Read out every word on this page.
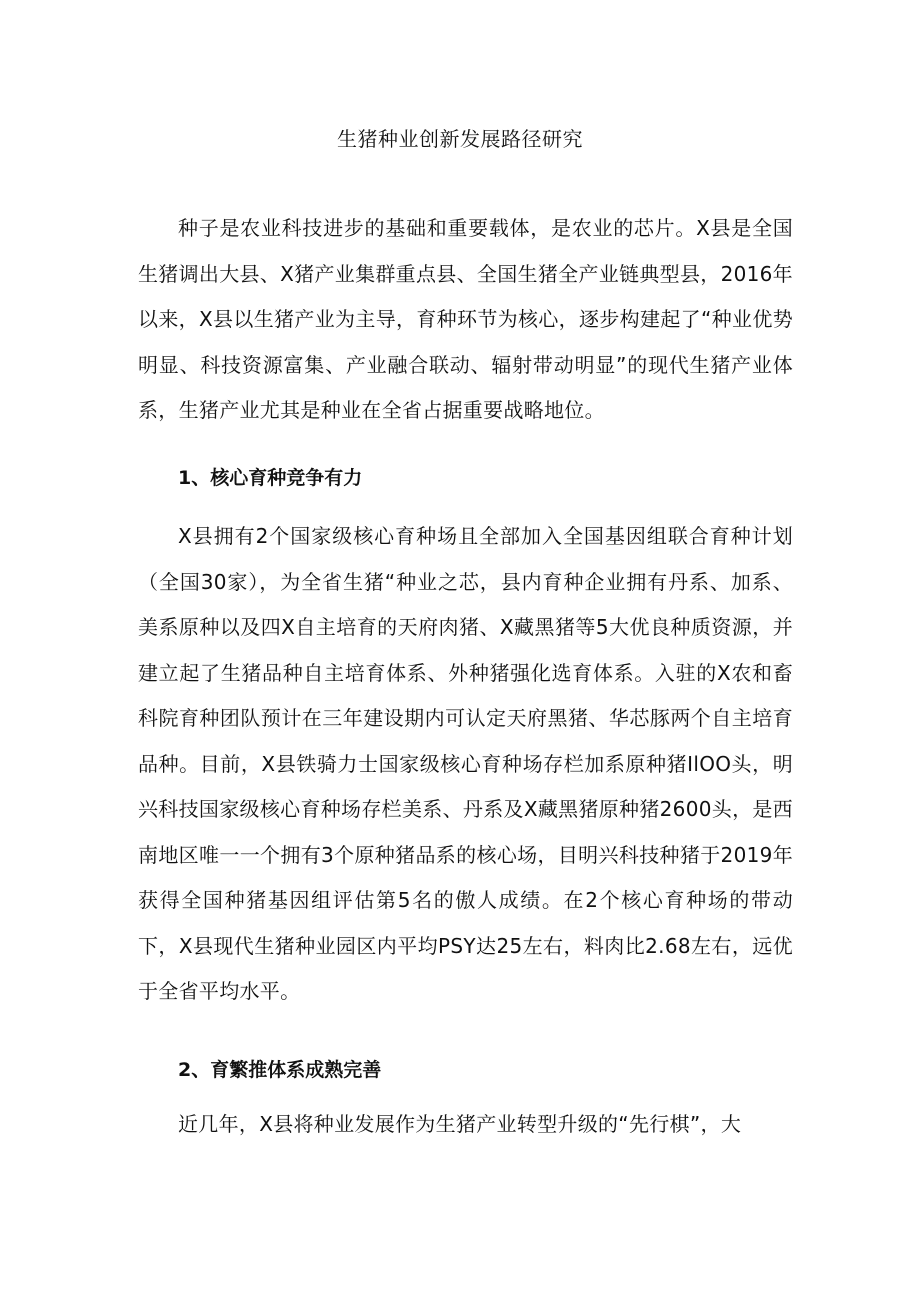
生猪种业创新发展路径研究
种子是农业科技进步的基础和重要载体，是农业的芯片。X县是全国生猪调出大县、X猪产业集群重点县、全国生猪全产业链典型县，2016年以来，X县以生猪产业为主导，育种环节为核心，逐步构建起了“种业优势明显、科技资源富集、产业融合联动、辐射带动明显”的现代生猪产业体系，生猪产业尤其是种业在全省占据重要战略地位。
1、核心育种竞争有力
X县拥有2个国家级核心育种场且全部加入全国基因组联合育种计划（全国30家），为全省生猪“种业之芯，县内育种企业拥有丹系、加系、美系原种以及四X自主培育的天府肉猪、X藏黑猪等5大优良种质资源，并建立起了生猪品种自主培育体系、外种猪强化选育体系。入驻的X农和畜科院育种团队预计在三年建设期内可认定天府黑猪、华芯豚两个自主培育品种。目前，X县铁骑力士国家级核心育种场存栏加系原种猪IlOO头，明兴科技国家级核心育种场存栏美系、丹系及X藏黑猪原种猪2600头，是西南地区唯一一个拥有3个原种猪品系的核心场，目明兴科技种猪于2019年获得全国种猪基因组评估第5名的傲人成绩。在2个核心育种场的带动下，X县现代生猪种业园区内平均PSY达25左右，料肉比2.68左右，远优于全省平均水平。
2、育繁推体系成熟完善
近几年，X县将种业发展作为生猪产业转型升级的“先行棋”，大
